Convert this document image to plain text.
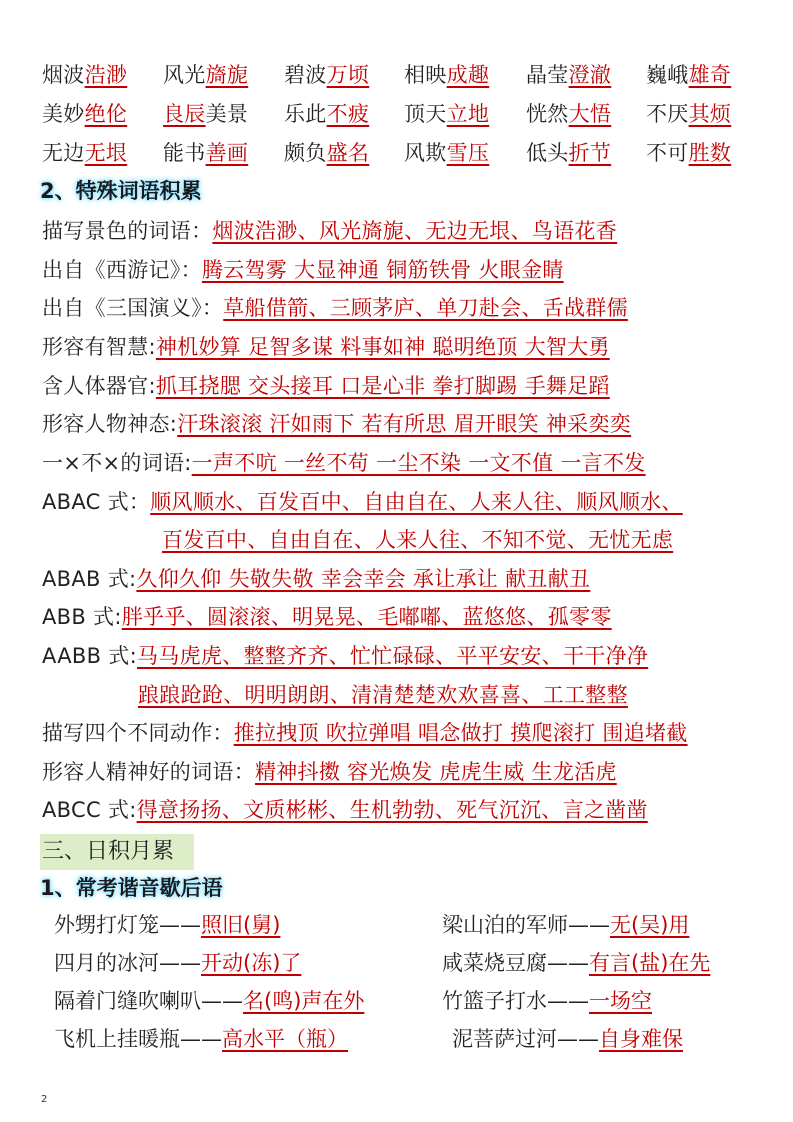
烟波浩渺 风光旖旎 碧波万顷 相映成趣 晶莹澄澈 巍峨雄奇
美妙绝伦 良辰美景 乐此不疲 顶天立地 恍然大悟 不厌其烦
无边无垠 能书善画 颇负盛名 风欺雪压 低头折节 不可胜数
2、特殊词语积累
描写景色的词语：烟波浩渺、风光旖旎、无边无垠、鸟语花香
出自《西游记》：腾云驾雾 大显神通 铜筋铁骨 火眼金睛
出自《三国演义》：草船借箭、三顾茅庐、单刀赴会、舌战群儒
形容有智慧:神机妙算 足智多谋 料事如神 聪明绝顶 大智大勇
含人体器官:抓耳挠腮 交头接耳 口是心非 拳打脚踢 手舞足蹈
形容人物神态:汗珠滚滚 汗如雨下 若有所思 眉开眼笑 神采奕奕
一×不×的词语:一声不吭 一丝不苟 一尘不染 一文不值 一言不发
ABAC 式：顺风顺水、百发百中、自由自在、人来人往、顺风顺水、
百发百中、自由自在、人来人往、不知不觉、无忧无虑
ABAB 式:久仰久仰 失敬失敬 幸会幸会 承让承让 献丑献丑
ABB 式:胖乎乎、圆滚滚、明晃晃、毛嘟嘟、蓝悠悠、孤零零
AABB 式:马马虎虎、整整齐齐、忙忙碌碌、平平安安、干干净净
踉踉跄跄、明明朗朗、清清楚楚欢欢喜喜、工工整整
描写四个不同动作：推拉拽顶 吹拉弹唱 唱念做打 摸爬滚打 围追堵截
形容人精神好的词语：精神抖擞 容光焕发 虎虎生威 生龙活虎
ABCC 式:得意扬扬、文质彬彬、生机勃勃、死气沉沉、言之凿凿
三、日积月累
1、常考谐音歇后语
外甥打灯笼——照旧(舅)	梁山泊的军师——无(吴)用
四月的冰河——开动(冻)了	咸菜烧豆腐——有言(盐)在先
隔着门缝吹喇叭——名(鸣)声在外	竹篮子打水——一场空
飞机上挂暖瓶——高水平（瓶）	泥菩萨过河——自身难保
2
